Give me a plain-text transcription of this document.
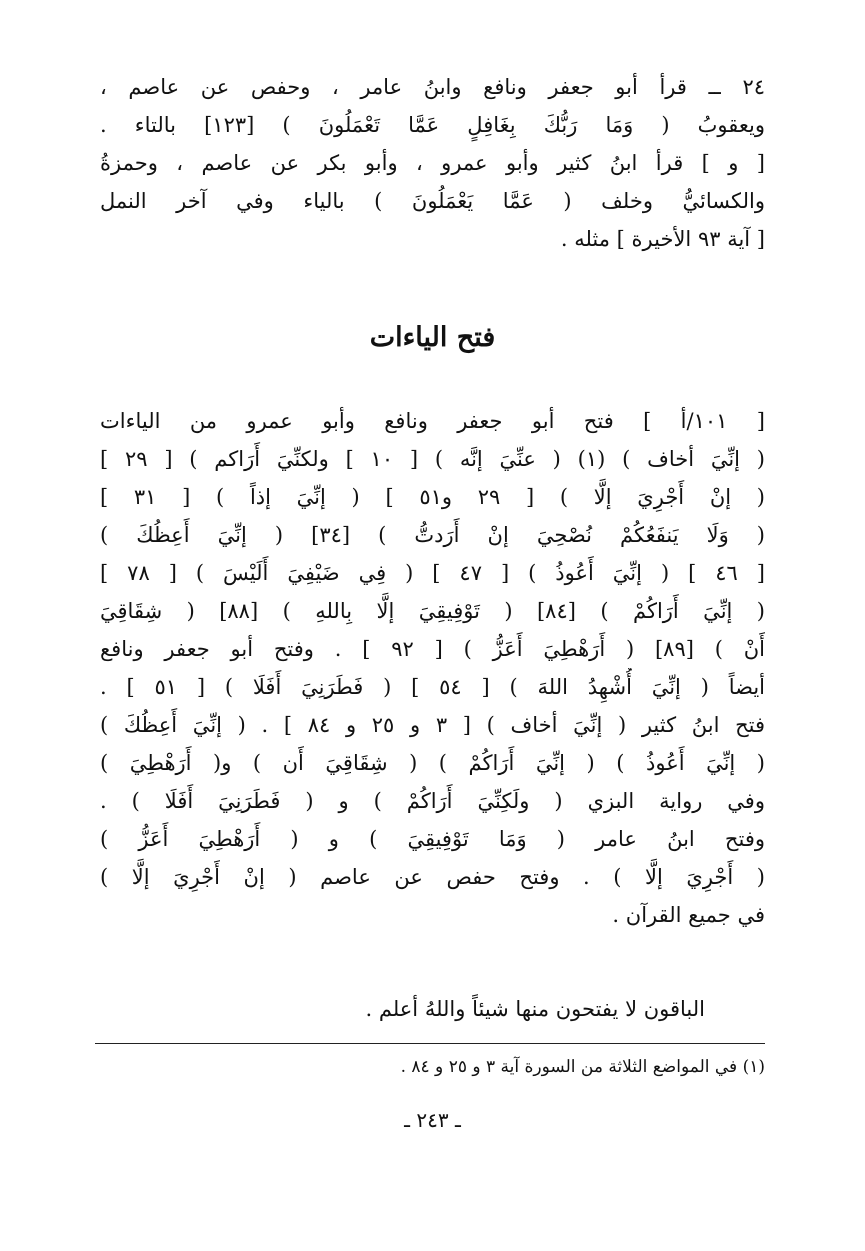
٢٤ ــ قرأ أبو جعفر ونافع وابنُ عامر ، وحفص عن عاصم ،
ويعقوبُ ( وَمَا رَبُّكَ بِغَافِلٍ عَمَّا تَعْمَلُونَ ) [١٢٣] بالتاء .
[ و ] قرأ ابنُ كثير وأبو عمرو ، وأبو بكر عن عاصم ، وحمزةُ
والكسائيُّ وخلف ( عَمَّا يَعْمَلُونَ ) بالياء وفي آخر النمل
[ آية ٩٣ الأخيرة ] مثله .
فتح الياءات
[ ١٠١/أ ] فتح أبو جعفر ونافع وأبو عمرو من الياءات
( إنِّيَ أخاف ) (١) ( عنِّيَ إنَّه ) [ ١٠ ] ولكنِّيَ أَرَاكم ) [ ٢٩ ]
( إنْ أَجْرِيَ إلَّا ) [ ٢٩ و٥١ ] ( إنِّيَ إذاً ) [ ٣١ ]
( وَلَا يَنفَعُكُمْ نُصْحِيَ إنْ أَرَدتُّ ) [٣٤] ( إنِّيَ أَعِظُكَ )
[ ٤٦ ] ( إنِّيَ أَعُوذُ ) [ ٤٧ ] ( فِي ضَيْفِيَ أَلَيْسَ ) [ ٧٨ ]
( إنِّيَ أَرَاكُمْ ) [٨٤] ( تَوْفِيقِيَ إلَّا بِاللهِ ) [٨٨] ( شِقَاقِيَ
أَنْ ) [٨٩] ( أَرَهْطِيَ أَعَزُّ ) [ ٩٢ ] . وفتح أبو جعفر ونافع
أيضاً ( إنِّيَ أُشْهِدُ اللهَ ) [ ٥٤ ] ( فَطَرَنِيَ أَفَلَا ) [ ٥١ ] .
فتح ابنُ كثير ( إنِّيَ أخاف ) [ ٣ و ٢٥ و ٨٤ ] . ( إنِّيَ أَعِظُكَ )
( إنِّيَ أَعُوذُ ) ( إنِّيَ أَرَاكُمْ ) ( شِقَاقِيَ أَن ) و( أَرَهْطِيَ )
وفي رواية البزي ( ولَكِنِّيَ أَرَاكُمْ ) و ( فَطَرَنِيَ أَفَلَا ) .
وفتح ابنُ عامر ( وَمَا تَوْفِيقِيَ ) و ( أَرَهْطِيَ أَعَزُّ )
( أَجْرِيَ إلَّا ) . وفتح حفص عن عاصم ( إنْ أَجْرِيَ إلَّا )
في جميع القرآن .
الباقون لا يفتحون منها شيئاً واللهُ أعلم .
(١) في المواضع الثلاثة من السورة آية ٣ و ٢٥ و ٨٤ .
ـ ٢٤٣ ـ
